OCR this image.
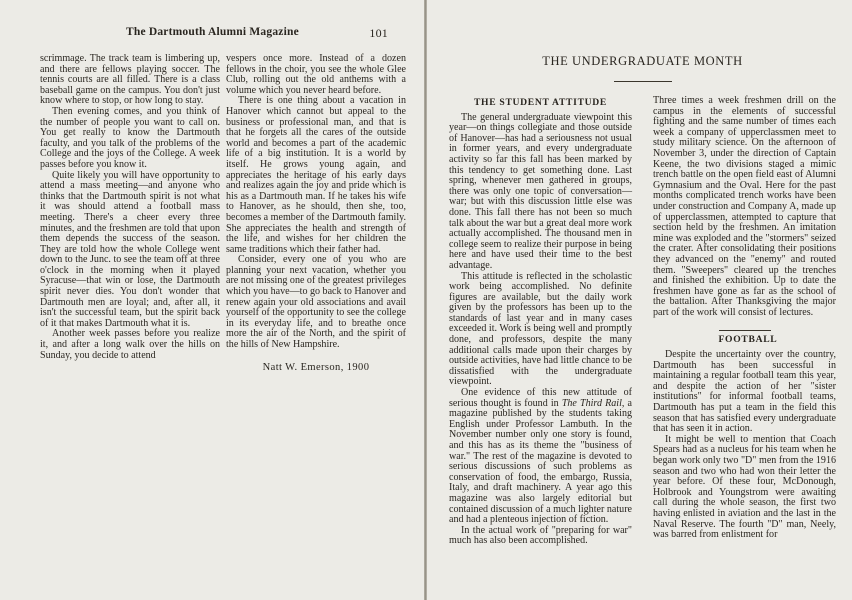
The Dartmouth Alumni Magazine	101

scrimmage. The track team is limbering up, and there are fellows playing soccer. The tennis courts are all filled. There is a class baseball game on the campus. You don't just know where to stop, or how long to stay.

Then evening comes, and you think of the number of people you want to call on. You get really to know the Dartmouth faculty, and you talk of the problems of the College and the joys of the College. A week passes before you know it.

Quite likely you will have opportunity to attend a mass meeting—and anyone who thinks that the Dartmouth spirit is not what it was should attend a football mass meeting. There's a cheer every three minutes, and the freshmen are told that upon them depends the success of the season. They are told how the whole College went down to the Junc. to see the team off at three o'clock in the morning when it played Syracuse—that win or lose, the Dartmouth spirit never dies. You don't wonder that Dartmouth men are loyal; and, after all, it isn't the successful team, but the spirit back of it that makes Dartmouth what it is.

Another week passes before you realize it, and after a long walk over the hills on Sunday, you decide to attend

vespers once more. Instead of a dozen fellows in the choir, you see the whole Glee Club, rolling out the old anthems with a volume which you never heard before.

There is one thing about a vacation in Hanover which cannot but appeal to the business or professional man, and that is that he forgets all the cares of the outside world and becomes a part of the academic life of a big institution. It is a world by itself. He grows young again, and appreciates the heritage of his early days and realizes again the joy and pride which is his as a Dartmouth man. If he takes his wife to Hanover, as he should, then she, too, becomes a member of the Dartmouth family. She appreciates the health and strength of the life, and wishes for her children the same traditions which their father had.

Consider, every one of you who are planning your next vacation, whether you are not missing one of the greatest privileges which you have—to go back to Hanover and renew again your old associations and avail yourself of the opportunity to see the college in its everyday life, and to breathe once more the air of the North, and the spirit of the hills of New Hampshire.

Natt W. Emerson, 1900
THE UNDERGRADUATE MONTH
THE STUDENT ATTITUDE

The general undergraduate viewpoint this year—on things collegiate and those outside of Hanover—has had a seriousness not usual in former years, and every undergraduate activity so far this fall has been marked by this tendency to get something done. Last spring, whenever men gathered in groups, there was only one topic of conversation—war; but with this discussion little else was done. This fall there has not been so much talk about the war but a great deal more work actually accomplished. The thousand men in college seem to realize their purpose in being here and have used their time to the best advantage.

This attitude is reflected in the scholastic work being accomplished. No definite figures are available, but the daily work given by the professors has been up to the standards of last year and in many cases exceeded it. Work is being well and promptly done, and professors, despite the many additional calls made upon their charges by outside activities, have had little chance to be dissatisfied with the undergraduate viewpoint.

One evidence of this new attitude of serious thought is found in The Third Rail, a magazine published by the students taking English under Professor Lambuth. In the November number only one story is found, and this has as its theme the "business of war." The rest of the magazine is devoted to serious discussions of such problems as conservation of food, the embargo, Russia, Italy, and draft machinery. A year ago this magazine was also largely editorial but contained discussion of a much lighter nature and had a plenteous injection of fiction.

In the actual work of "preparing for war" much has also been accomplished.

Three times a week freshmen drill on the campus in the elements of successful fighting and the same number of times each week a company of upperclassmen meet to study military science. On the afternoon of November 3, under the direction of Captain Keene, the two divisions staged a mimic trench battle on the open field east of Alumni Gymnasium and the Oval. Here for the past months complicated trench works have been under construction and Company A, made up of upperclassmen, attempted to capture that section held by the freshmen. An imitation mine was exploded and the "stormers" seized the crater. After consolidating their positions they advanced on the "enemy" and routed them. "Sweepers" cleared up the trenches and finished the exhibition. Up to date the freshmen have gone as far as the school of the battalion. After Thanksgiving the major part of the work will consist of lectures.

FOOTBALL

Despite the uncertainty over the country, Dartmouth has been successful in maintaining a regular football team this year, and despite the action of her "sister institutions" for informal football teams, Dartmouth has put a team in the field this season that has satisfied every undergraduate that has seen it in action.

It might be well to mention that Coach Spears had as a nucleus for his team when he began work only two "D" men from the 1916 season and two who had won their letter the year before. Of these four, McDonough, Holbrook and Youngstrom were awaiting call during the whole season, the first two having enlisted in aviation and the last in the Naval Reserve. The fourth "D" man, Neely, was barred from enlistment for
